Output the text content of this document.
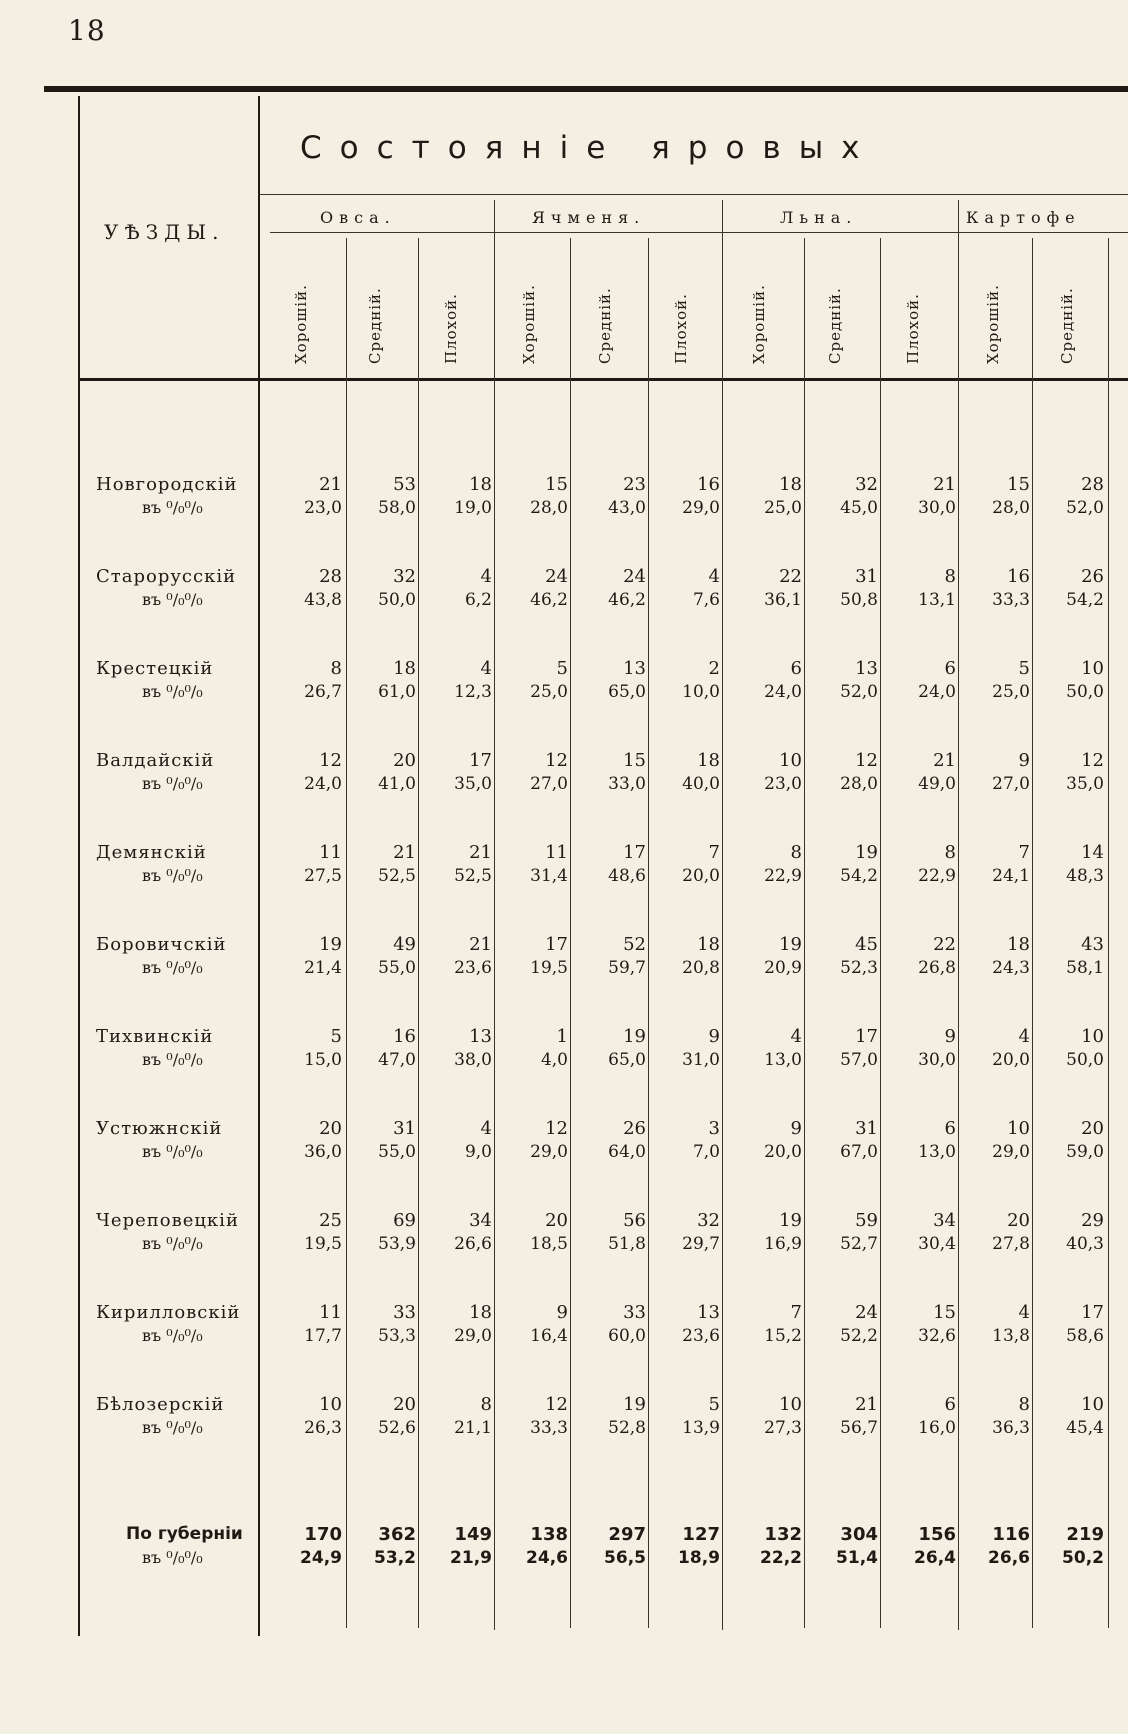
18
Состояніе яровых
УѢЗДЫ.
Овса.	Ячменя.	Льна.	Картофе
Хорошій.	Средній.	Плохой.	Хорошій.	Средній.	Плохой.	Хорошій.	Средній.	Плохой.	Хорошій.	Средній.
Новгородскій
въ ⁰/₀⁰/₀
21	53	18	15	23	16	18	32	21	15	28
23,0	58,0	19,0	28,0	43,0	29,0	25,0	45,0	30,0	28,0	52,0
Старорусскій
въ ⁰/₀⁰/₀
28	32	4	24	24	4	22	31	8	16	26
43,8	50,0	6,2	46,2	46,2	7,6	36,1	50,8	13,1	33,3	54,2
Крестецкій
въ ⁰/₀⁰/₀
8	18	4	5	13	2	6	13	6	5	10
26,7	61,0	12,3	25,0	65,0	10,0	24,0	52,0	24,0	25,0	50,0
Валдайскій
въ ⁰/₀⁰/₀
12	20	17	12	15	18	10	12	21	9	12
24,0	41,0	35,0	27,0	33,0	40,0	23,0	28,0	49,0	27,0	35,0
Демянскій
въ ⁰/₀⁰/₀
11	21	21	11	17	7	8	19	8	7	14
27,5	52,5	52,5	31,4	48,6	20,0	22,9	54,2	22,9	24,1	48,3
Боровичскій
въ ⁰/₀⁰/₀
19	49	21	17	52	18	19	45	22	18	43
21,4	55,0	23,6	19,5	59,7	20,8	20,9	52,3	26,8	24,3	58,1
Тихвинскій
въ ⁰/₀⁰/₀
5	16	13	1	19	9	4	17	9	4	10
15,0	47,0	38,0	4,0	65,0	31,0	13,0	57,0	30,0	20,0	50,0
Устюжнскій
въ ⁰/₀⁰/₀
20	31	4	12	26	3	9	31	6	10	20
36,0	55,0	9,0	29,0	64,0	7,0	20,0	67,0	13,0	29,0	59,0
Череповецкій
въ ⁰/₀⁰/₀
25	69	34	20	56	32	19	59	34	20	29
19,5	53,9	26,6	18,5	51,8	29,7	16,9	52,7	30,4	27,8	40,3
Кирилловскій
въ ⁰/₀⁰/₀
11	33	18	9	33	13	7	24	15	4	17
17,7	53,3	29,0	16,4	60,0	23,6	15,2	52,2	32,6	13,8	58,6
Бѣлозерскій
въ ⁰/₀⁰/₀
10	20	8	12	19	5	10	21	6	8	10
26,3	52,6	21,1	33,3	52,8	13,9	27,3	56,7	16,0	36,3	45,4
По губерніи
въ ⁰/₀⁰/₀
170	362	149	138	297	127	132	304	156	116	219
24,9	53,2	21,9	24,6	56,5	18,9	22,2	51,4	26,4	26,6	50,2
